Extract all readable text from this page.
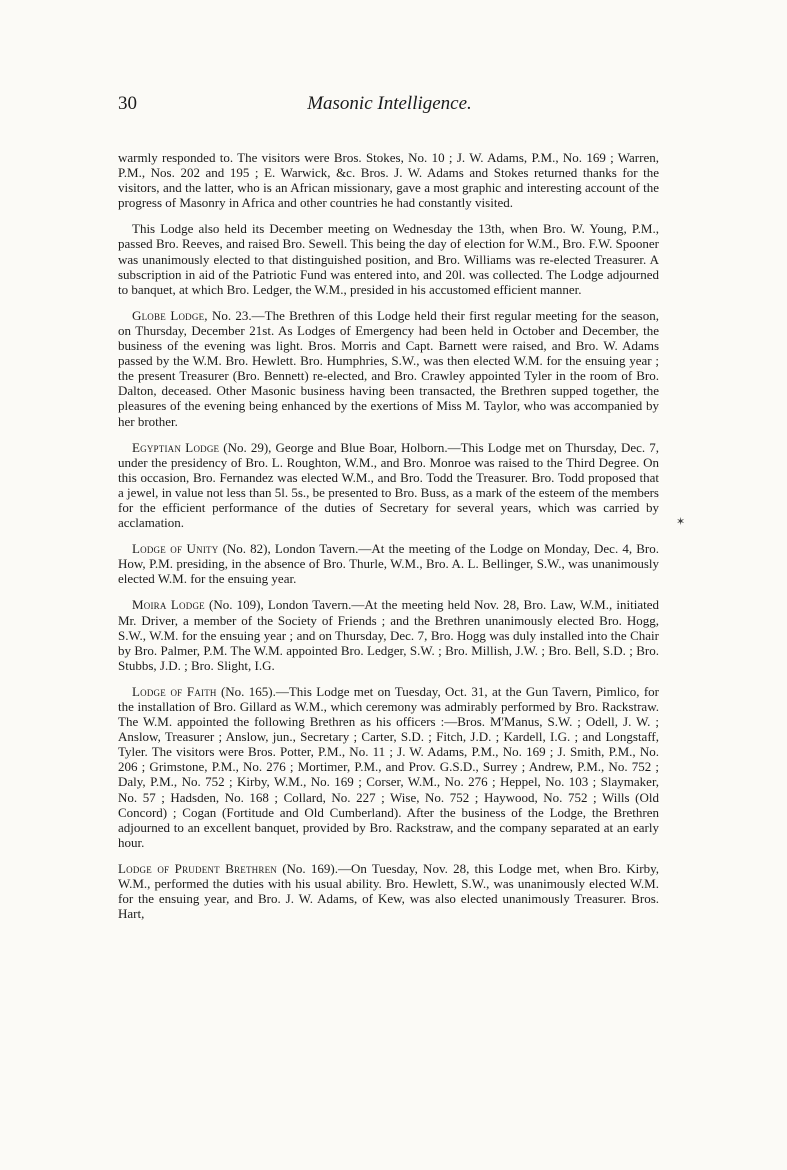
30	Masonic Intelligence.
✶

warmly responded to. The visitors were Bros. Stokes, No. 10 ; J. W. Adams, P.M., No. 169 ; Warren, P.M., Nos. 202 and 195 ; E. Warwick, &c. Bros. J. W. Adams and Stokes returned thanks for the visitors, and the latter, who is an African missionary, gave a most graphic and interesting account of the progress of Masonry in Africa and other countries he had constantly visited.

This Lodge also held its December meeting on Wednesday the 13th, when Bro. W. Young, P.M., passed Bro. Reeves, and raised Bro. Sewell. This being the day of election for W.M., Bro. F.W. Spooner was unanimously elected to that distinguished position, and Bro. Williams was re-elected Treasurer. A subscription in aid of the Patriotic Fund was entered into, and 20l. was collected. The Lodge adjourned to banquet, at which Bro. Ledger, the W.M., presided in his accustomed efficient manner.

Globe Lodge, No. 23.—The Brethren of this Lodge held their first regular meeting for the season, on Thursday, December 21st. As Lodges of Emergency had been held in October and December, the business of the evening was light. Bros. Morris and Capt. Barnett were raised, and Bro. W. Adams passed by the W.M. Bro. Hewlett. Bro. Humphries, S.W., was then elected W.M. for the ensuing year ; the present Treasurer (Bro. Bennett) re-elected, and Bro. Crawley appointed Tyler in the room of Bro. Dalton, deceased. Other Masonic business having been transacted, the Brethren supped together, the pleasures of the evening being enhanced by the exertions of Miss M. Taylor, who was accompanied by her brother.

Egyptian Lodge (No. 29), George and Blue Boar, Holborn.—This Lodge met on Thursday, Dec. 7, under the presidency of Bro. L. Roughton, W.M., and Bro. Monroe was raised to the Third Degree. On this occasion, Bro. Fernandez was elected W.M., and Bro. Todd the Treasurer. Bro. Todd proposed that a jewel, in value not less than 5l. 5s., be presented to Bro. Buss, as a mark of the esteem of the members for the efficient performance of the duties of Secretary for several years, which was carried by acclamation.

Lodge of Unity (No. 82), London Tavern.—At the meeting of the Lodge on Monday, Dec. 4, Bro. How, P.M. presiding, in the absence of Bro. Thurle, W.M., Bro. A. L. Bellinger, S.W., was unanimously elected W.M. for the ensuing year.

Moira Lodge (No. 109), London Tavern.—At the meeting held Nov. 28, Bro. Law, W.M., initiated Mr. Driver, a member of the Society of Friends ; and the Brethren unanimously elected Bro. Hogg, S.W., W.M. for the ensuing year ; and on Thursday, Dec. 7, Bro. Hogg was duly installed into the Chair by Bro. Palmer, P.M. The W.M. appointed Bro. Ledger, S.W. ; Bro. Millish, J.W. ; Bro. Bell, S.D. ; Bro. Stubbs, J.D. ; Bro. Slight, I.G.

Lodge of Faith (No. 165).—This Lodge met on Tuesday, Oct. 31, at the Gun Tavern, Pimlico, for the installation of Bro. Gillard as W.M., which ceremony was admirably performed by Bro. Rackstraw. The W.M. appointed the following Brethren as his officers :—Bros. M'Manus, S.W. ; Odell, J. W. ; Anslow, Treasurer ; Anslow, jun., Secretary ; Carter, S.D. ; Fitch, J.D. ; Kardell, I.G. ; and Longstaff, Tyler. The visitors were Bros. Potter, P.M., No. 11 ; J. W. Adams, P.M., No. 169 ; J. Smith, P.M., No. 206 ; Grimstone, P.M., No. 276 ; Mortimer, P.M., and Prov. G.S.D., Surrey ; Andrew, P.M., No. 752 ; Daly, P.M., No. 752 ; Kirby, W.M., No. 169 ; Corser, W.M., No. 276 ; Heppel, No. 103 ; Slaymaker, No. 57 ; Hadsden, No. 168 ; Collard, No. 227 ; Wise, No. 752 ; Haywood, No. 752 ; Wills (Old Concord) ; Cogan (Fortitude and Old Cumberland). After the business of the Lodge, the Brethren adjourned to an excellent banquet, provided by Bro. Rackstraw, and the company separated at an early hour.

Lodge of Prudent Brethren (No. 169).—On Tuesday, Nov. 28, this Lodge met, when Bro. Kirby, W.M., performed the duties with his usual ability. Bro. Hewlett, S.W., was unanimously elected W.M. for the ensuing year, and Bro. J. W. Adams, of Kew, was also elected unanimously Treasurer. Bros. Hart,
